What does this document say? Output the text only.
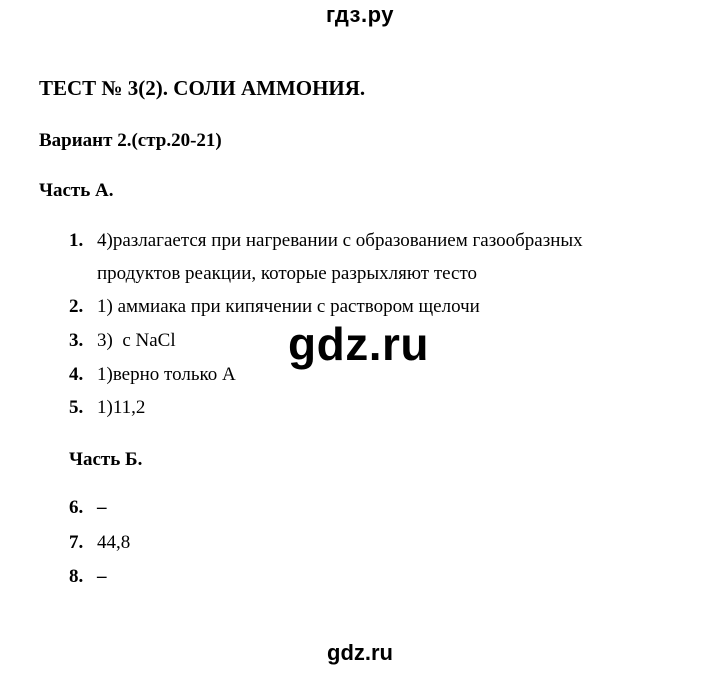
гдз.ру
ТЕСТ № 3(2). СОЛИ АММОНИЯ.
Вариант 2.(стр.20-21)
Часть А.
1. 4)разлагается при нагревании с образованием газообразных
продуктов реакции, которые разрыхляют тесто
2. 1) аммиака при кипячении с раствором щелочи
3. 3)  с NaCl
4. 1)верно только А
5. 1)11,2
Часть Б.
6. –
7. 44,8
8. –
gdz.ru
gdz.ru
